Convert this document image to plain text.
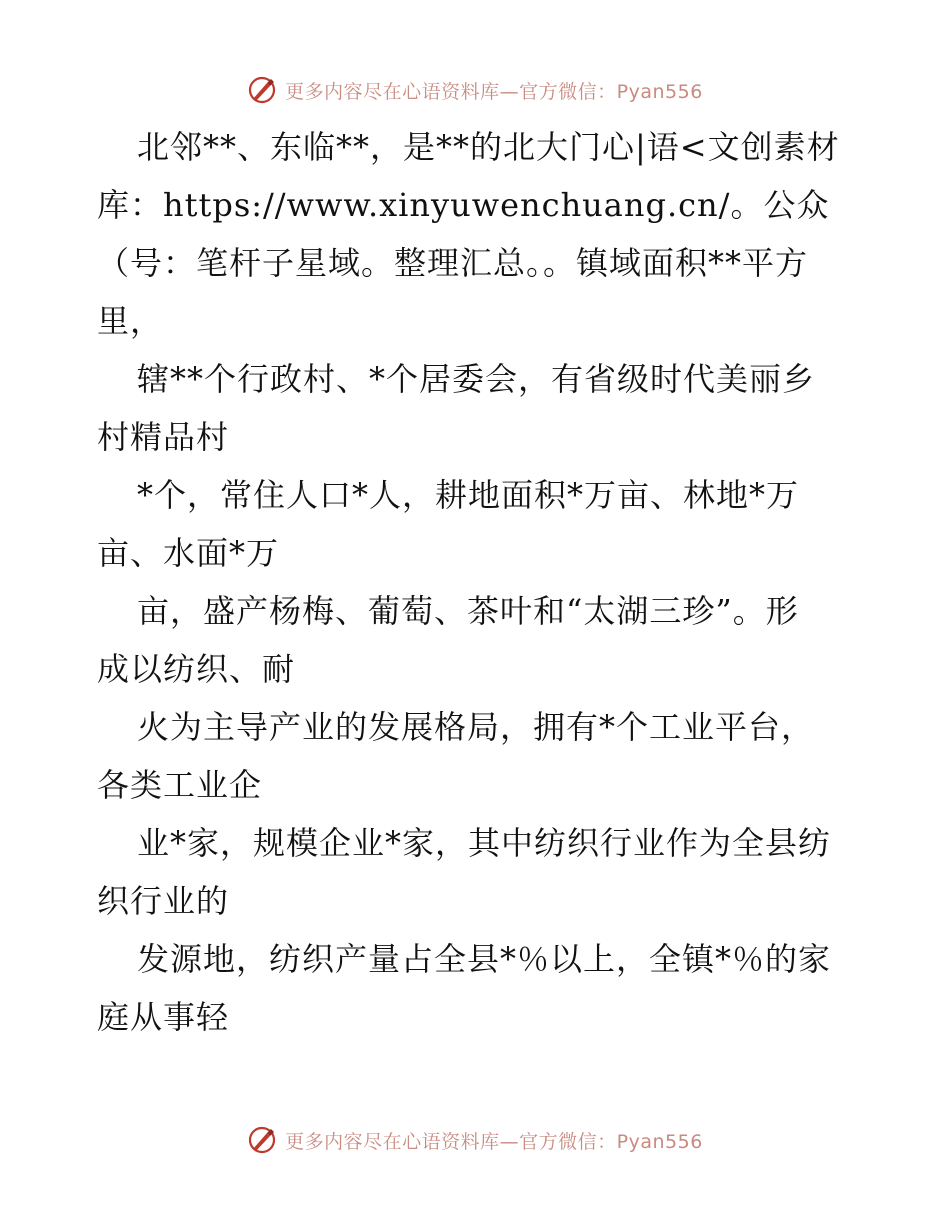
更多内容尽在心语资料库—官方微信：Pyan556
北邻**、东临**，是**的北大门心|语<文创素材
库：https://www.xinyuwenchuang.cn/。公众
（号：笔杆子星域。整理汇总。。镇域面积**平方
里，
辖**个行政村、*个居委会，有省级时代美丽乡
村精品村
*个，常住人口*人，耕地面积*万亩、林地*万
亩、水面*万
亩，盛产杨梅、葡萄、茶叶和“太湖三珍”。形
成以纺织、耐
火为主导产业的发展格局，拥有*个工业平台，
各类工业企
业*家，规模企业*家，其中纺织行业作为全县纺
织行业的
发源地，纺织产量占全县*％以上，全镇*％的家
庭从事轻
更多内容尽在心语资料库—官方微信：Pyan556
